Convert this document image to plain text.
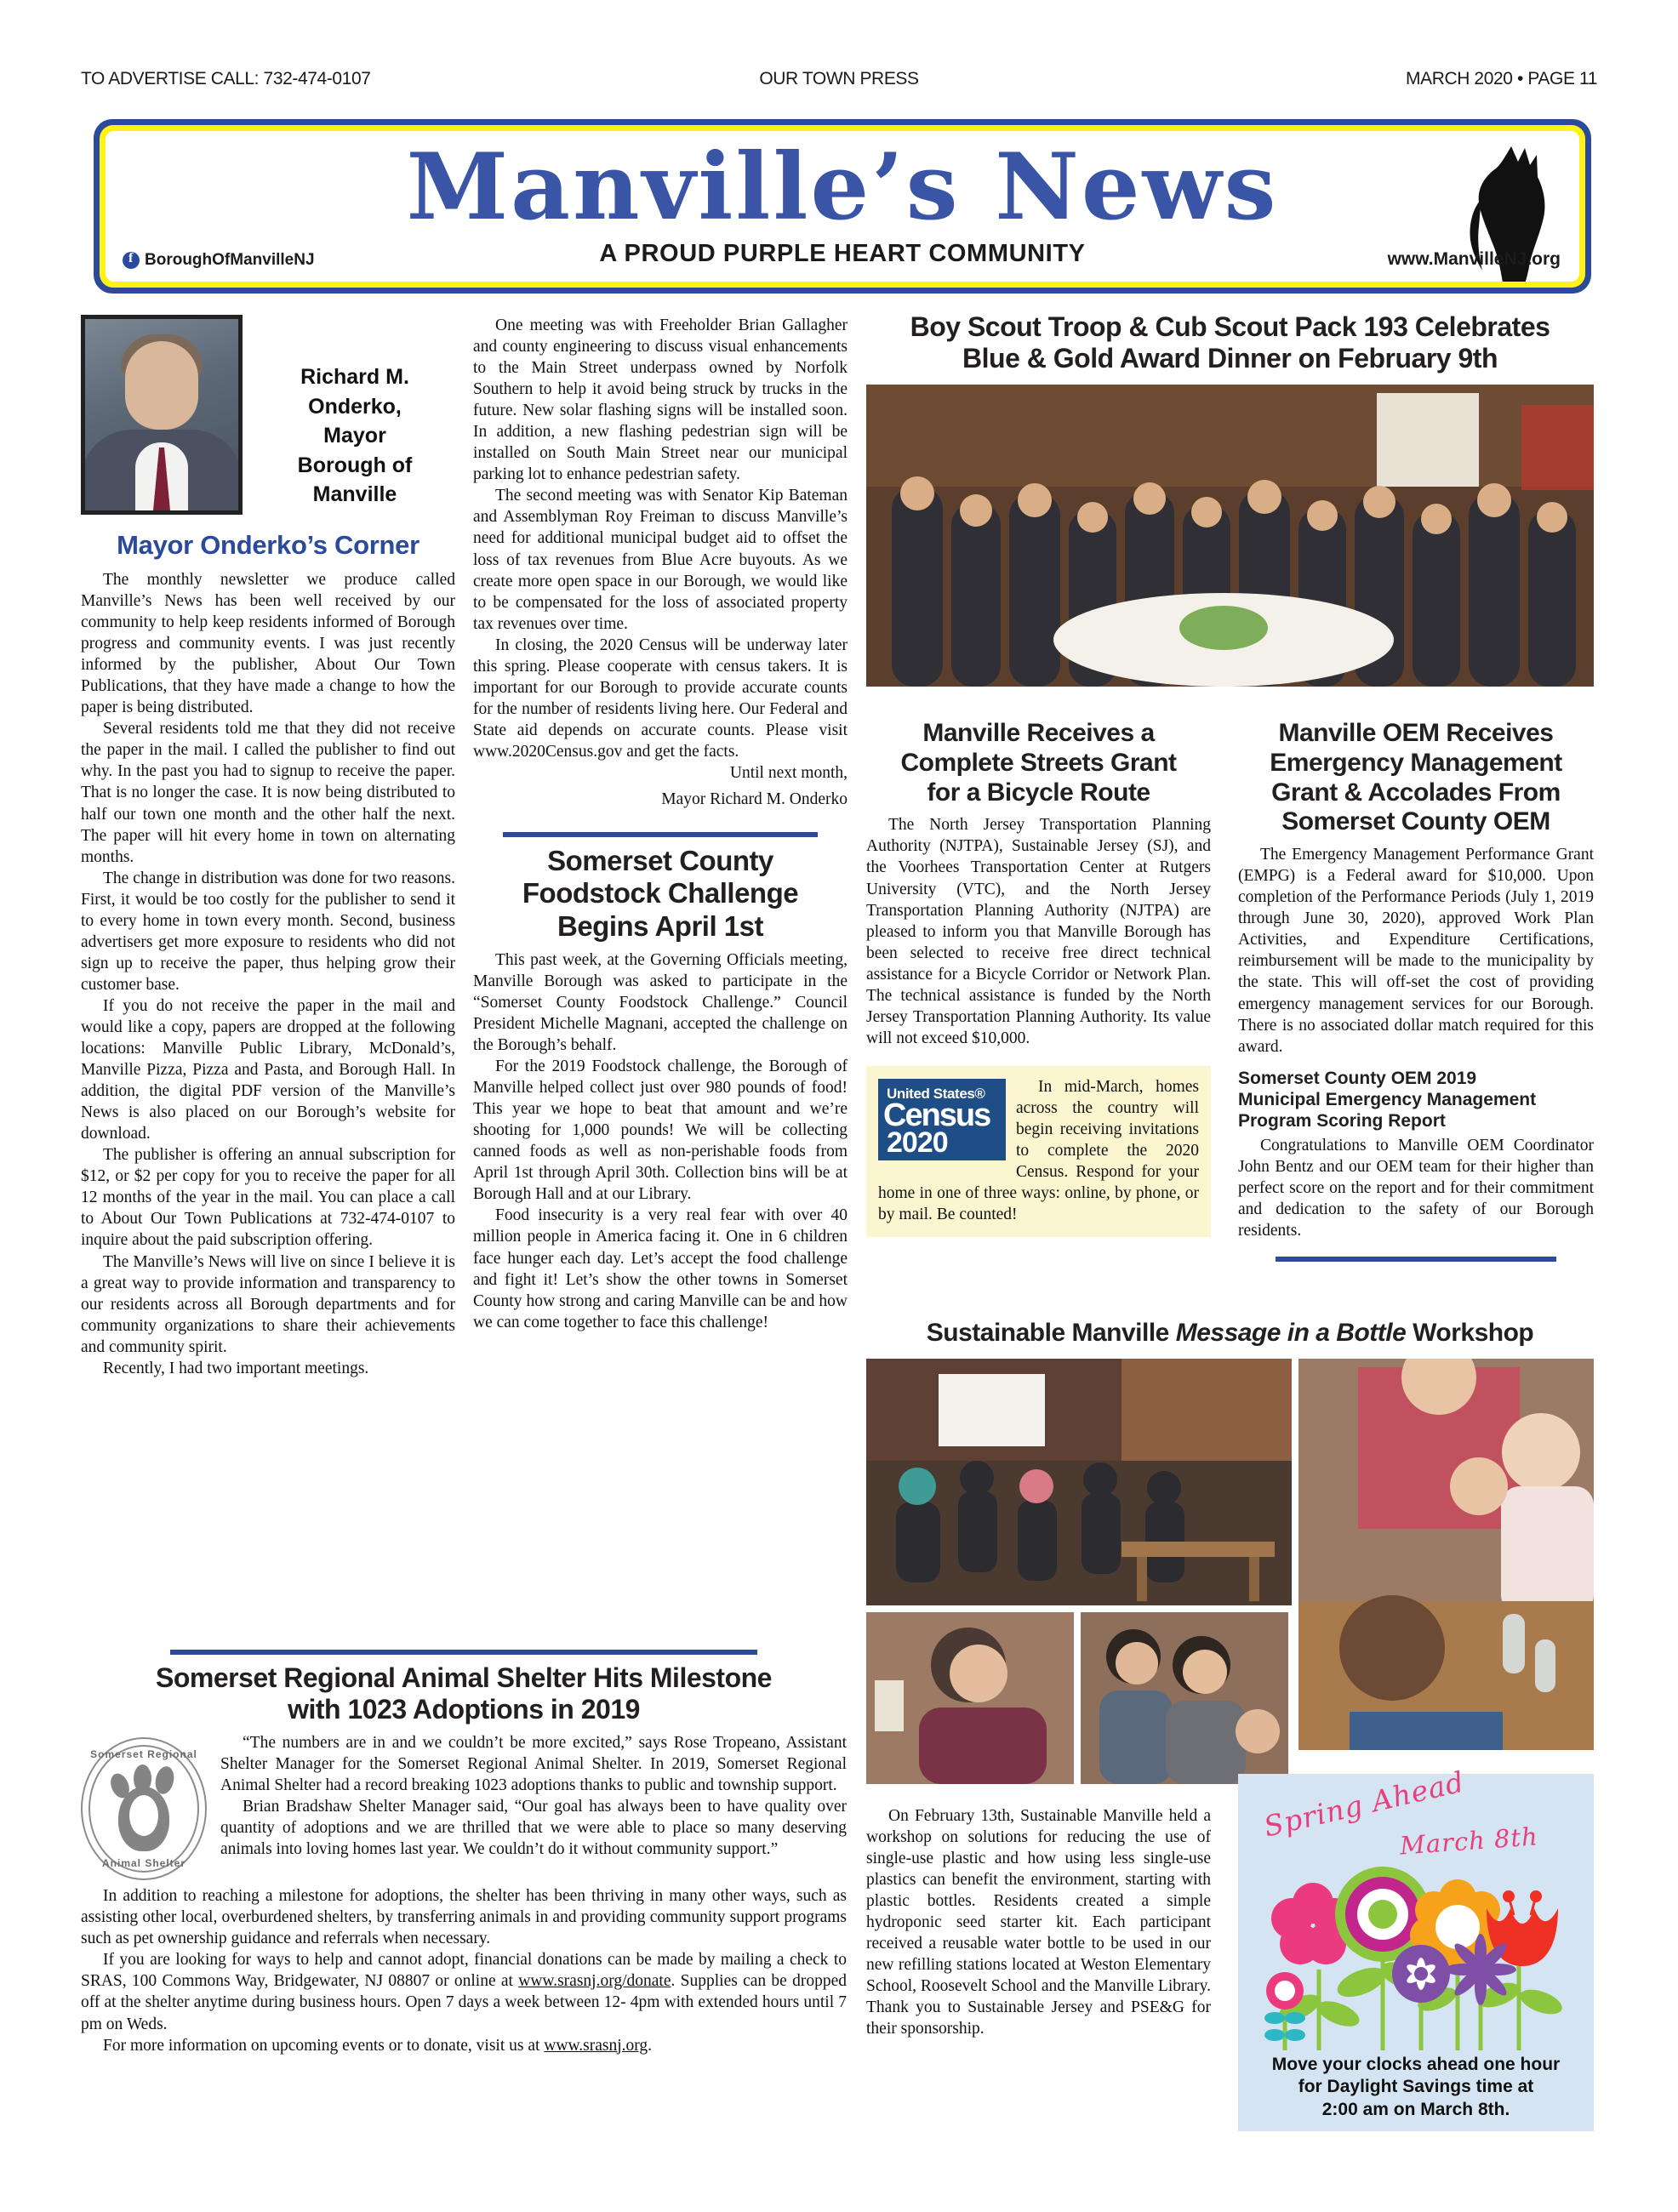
TO ADVERTISE CALL: 732-474-0107	OUR TOWN PRESS	MARCH 2020 • PAGE 11
Manville’s News
A PROUD PURPLE HEART COMMUNITY
f
BoroughOfManvilleNJ	www.ManvilleNJ.org
Richard M.
Onderko,
Mayor
Borough of
Manville
Mayor Onderko’s Corner

The monthly newsletter we produce called Manville’s News has been well received by our community to help keep residents informed of Borough progress and community events. I was just recently informed by the publisher, About Our Town Publications, that they have made a change to how the paper is being distributed.

Several residents told me that they did not receive the paper in the mail. I called the publisher to find out why. In the past you had to signup to receive the paper. That is no longer the case. It is now being distributed to half our town one month and the other half the next. The paper will hit every home in town on alternating months.

The change in distribution was done for two reasons. First, it would be too costly for the publisher to send it to every home in town every month. Second, business advertisers get more exposure to residents who did not sign up to receive the paper, thus helping grow their customer base.

If you do not receive the paper in the mail and would like a copy, papers are dropped at the following locations: Manville Public Library, McDonald’s, Manville Pizza, Pizza and Pasta, and Borough Hall. In addition, the digital PDF version of the Manville’s News is also placed on our Borough’s website for download.

The publisher is offering an annual subscription for $12, or $2 per copy for you to receive the paper for all 12 months of the year in the mail. You can place a call to About Our Town Publications at 732-474-0107 to inquire about the paid subscription offering.

The Manville’s News will live on since I believe it is a great way to provide information and transparency to our residents across all Borough departments and for community organizations to share their achievements and community spirit.

Recently, I had two important meetings.

One meeting was with Freeholder Brian Gallagher and county engineering to discuss visual enhancements to the Main Street underpass owned by Norfolk Southern to help it avoid being struck by trucks in the future. New solar flashing signs will be installed soon. In addition, a new flashing pedestrian sign will be installed on South Main Street near our municipal parking lot to enhance pedestrian safety.

The second meeting was with Senator Kip Bateman and Assemblyman Roy Freiman to discuss Manville’s need for additional municipal budget aid to offset the loss of tax revenues from Blue Acre buyouts. As we create more open space in our Borough, we would like to be compensated for the loss of associated property tax revenues over time.

In closing, the 2020 Census will be underway later this spring. Please cooperate with census takers. It is important for our Borough to provide accurate counts for the number of residents living here. Our Federal and State aid depends on accurate counts. Please visit www.2020Census.gov and get the facts.

Until next month,

Mayor Richard M. Onderko

Somerset County
Foodstock Challenge
Begins April 1st

This past week, at the Governing Officials meeting, Manville Borough was asked to participate in the “Somerset County Foodstock Challenge.” Council President Michelle Magnani, accepted the challenge on the Borough’s behalf.

For the 2019 Foodstock challenge, the Borough of Manville helped collect just over 980 pounds of food! This year we hope to beat that amount and we’re shooting for 1,000 pounds! We will be collecting canned foods as well as non-perishable foods from April 1st through April 30th. Collection bins will be at Borough Hall and at our Library.

Food insecurity is a very real fear with over 40 million people in America facing it. One in 6 children face hunger each day. Let’s accept the food challenge and fight it! Let’s show the other towns in Somerset County how strong and caring Manville can be and how we can come together to face this challenge!

Boy Scout Troop & Cub Scout Pack 193 Celebrates
Blue & Gold Award Dinner on February 9th
Manville Receives a
Complete Streets Grant
for a Bicycle Route

The North Jersey Transportation Planning Authority (NJTPA), Sustainable Jersey (SJ), and the Voorhees Transportation Center at Rutgers University (VTC), and the North Jersey Transportation Planning Authority (NJTPA) are pleased to inform you that Manville Borough has been selected to receive free direct technical assistance for a Bicycle Corridor or Network Plan. The technical assistance is funded by the North Jersey Transportation Planning Authority. Its value will not exceed $10,000.

United States®
Census
2020
In mid-March, homes across the country will begin receiving invitations to complete the 2020 Census. Respond for your home in one of three ways: online, by phone, or by mail. Be counted!
Manville OEM Receives
Emergency Management
Grant & Accolades From
Somerset County OEM

The Emergency Management Performance Grant (EMPG) is a Federal award for $10,000. Upon completion of the Performance Periods (July 1, 2019 through June 30, 2020), approved Work Plan Activities, and Expenditure Certifications, reimbursement will be made to the municipality by the state. This will off-set the cost of providing emergency management services for our Borough. There is no associated dollar match required for this award.

Somerset County OEM 2019
Municipal Emergency Management
Program Scoring Report

Congratulations to Manville OEM Coordinator John Bentz and our OEM team for their higher than perfect score on the report and for their commitment and dedication to the safety of our Borough residents.

Sustainable Manville Message in a Bottle Workshop

On February 13th, Sustainable Manville held a workshop on solutions for reducing the use of single-use plastic and how using less single-use plastics can benefit the environment, starting with plastic bottles. Residents created a simple hydroponic seed starter kit. Each participant received a reusable water bottle to be used in our new refilling stations located at Weston Elementary School, Roosevelt School and the Manville Library. Thank you to Sustainable Jersey and PSE&G for their sponsorship.

Spring Ahead
March 8th
Move your clocks ahead one hour
for Daylight Savings time at
2:00 am on March 8th.
Somerset Regional Animal Shelter Hits Milestone
with 1023 Adoptions in 2019
Somerset Regional
Animal Shelter

“The numbers are in and we couldn’t be more excited,” says Rose Tropeano, Assistant Shelter Manager for the Somerset Regional Animal Shelter. In 2019, Somerset Regional Animal Shelter had a record breaking 1023 adoptions thanks to public and township support.

Brian Bradshaw Shelter Manager said, “Our goal has always been to have quality over quantity of adoptions and we are thrilled that we were able to place so many deserving animals into loving homes last year. We couldn’t do it without community support.”

In addition to reaching a milestone for adoptions, the shelter has been thriving in many other ways, such as assisting other local, overburdened shelters, by transferring animals in and providing community support programs such as pet ownership guidance and referrals when necessary.

If you are looking for ways to help and cannot adopt, financial donations can be made by mailing a check to SRAS, 100 Commons Way, Bridgewater, NJ 08807 or online at www.srasnj.org/donate. Supplies can be dropped off at the shelter anytime during business hours. Open 7 days a week between 12- 4pm with extended hours until 7 pm on Weds.

For more information on upcoming events or to donate, visit us at www.srasnj.org.
